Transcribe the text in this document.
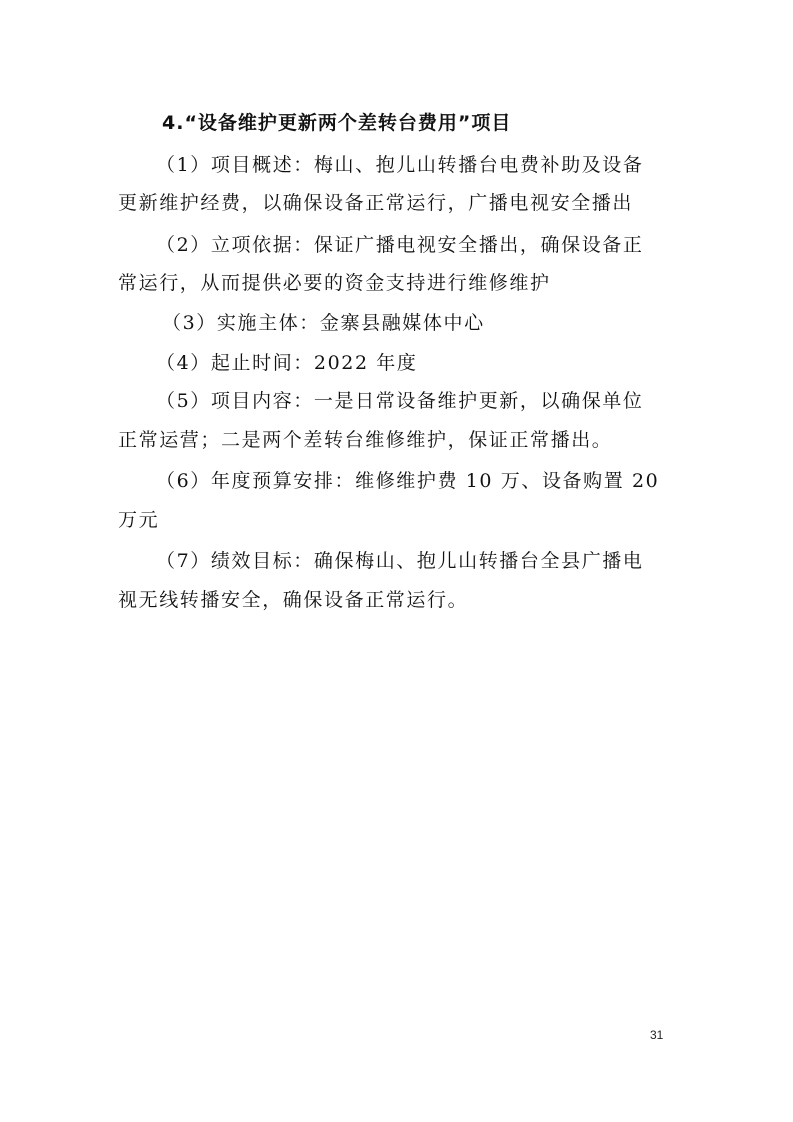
4.“设备维护更新两个差转台费用”项目
（1）项目概述：梅山、抱儿山转播台电费补助及设备
更新维护经费，以确保设备正常运行，广播电视安全播出
（2）立项依据：保证广播电视安全播出，确保设备正
常运行，从而提供必要的资金支持进行维修维护
（3）实施主体：金寨县融媒体中心
（4）起止时间：2022 年度
（5）项目内容：一是日常设备维护更新，以确保单位
正常运营；二是两个差转台维修维护，保证正常播出。
（6）年度预算安排：维修维护费 10 万、设备购置 20
万元
（7）绩效目标：确保梅山、抱儿山转播台全县广播电
视无线转播安全，确保设备正常运行。
31
